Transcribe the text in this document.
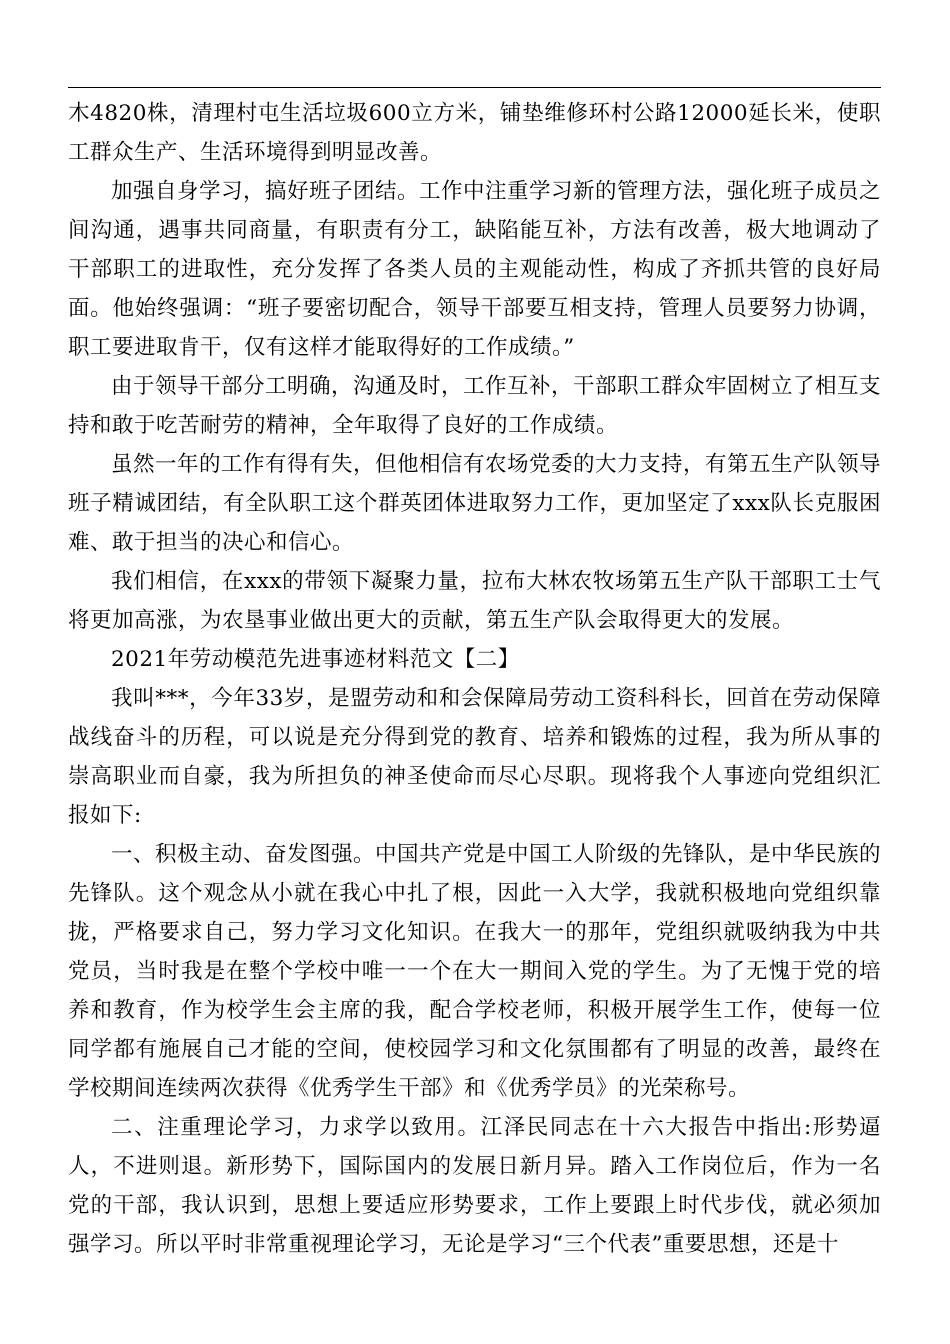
木4820株，清理村屯生活垃圾600立方米，铺垫维修环村公路12000延长米，使职工群众生产、生活环境得到明显改善。

加强自身学习，搞好班子团结。工作中注重学习新的管理方法，强化班子成员之间沟通，遇事共同商量，有职责有分工，缺陷能互补，方法有改善，极大地调动了干部职工的进取性，充分发挥了各类人员的主观能动性，构成了齐抓共管的良好局面。他始终强调：“班子要密切配合，领导干部要互相支持，管理人员要努力协调，职工要进取肯干，仅有这样才能取得好的工作成绩。”

由于领导干部分工明确，沟通及时，工作互补，干部职工群众牢固树立了相互支持和敢于吃苦耐劳的精神，全年取得了良好的工作成绩。

虽然一年的工作有得有失，但他相信有农场党委的大力支持，有第五生产队领导班子精诚团结，有全队职工这个群英团体进取努力工作，更加坚定了xxx队长克服困难、敢于担当的决心和信心。

我们相信，在xxx的带领下凝聚力量，拉布大林农牧场第五生产队干部职工士气将更加高涨，为农垦事业做出更大的贡献，第五生产队会取得更大的发展。

2021年劳动模范先进事迹材料范文【二】

我叫***，今年33岁，是盟劳动和和会保障局劳动工资科科长，回首在劳动保障战线奋斗的历程，可以说是充分得到党的教育、培养和锻炼的过程，我为所从事的崇高职业而自豪，我为所担负的神圣使命而尽心尽职。现将我个人事迹向党组织汇报如下:

一、积极主动、奋发图强。中国共产党是中国工人阶级的先锋队，是中华民族的先锋队。这个观念从小就在我心中扎了根，因此一入大学，我就积极地向党组织靠拢，严格要求自己，努力学习文化知识。在我大一的那年，党组织就吸纳我为中共党员，当时我是在整个学校中唯一一个在大一期间入党的学生。为了无愧于党的培养和教育，作为校学生会主席的我，配合学校老师，积极开展学生工作，使每一位同学都有施展自己才能的空间，使校园学习和文化氛围都有了明显的改善，最终在学校期间连续两次获得《优秀学生干部》和《优秀学员》的光荣称号。

二、注重理论学习，力求学以致用。江泽民同志在十六大报告中指出:形势逼人，不进则退。新形势下，国际国内的发展日新月异。踏入工作岗位后，作为一名党的干部，我认识到，思想上要适应形势要求，工作上要跟上时代步伐，就必须加强学习。所以平时非常重视理论学习，无论是学习“三个代表”重要思想，还是十
